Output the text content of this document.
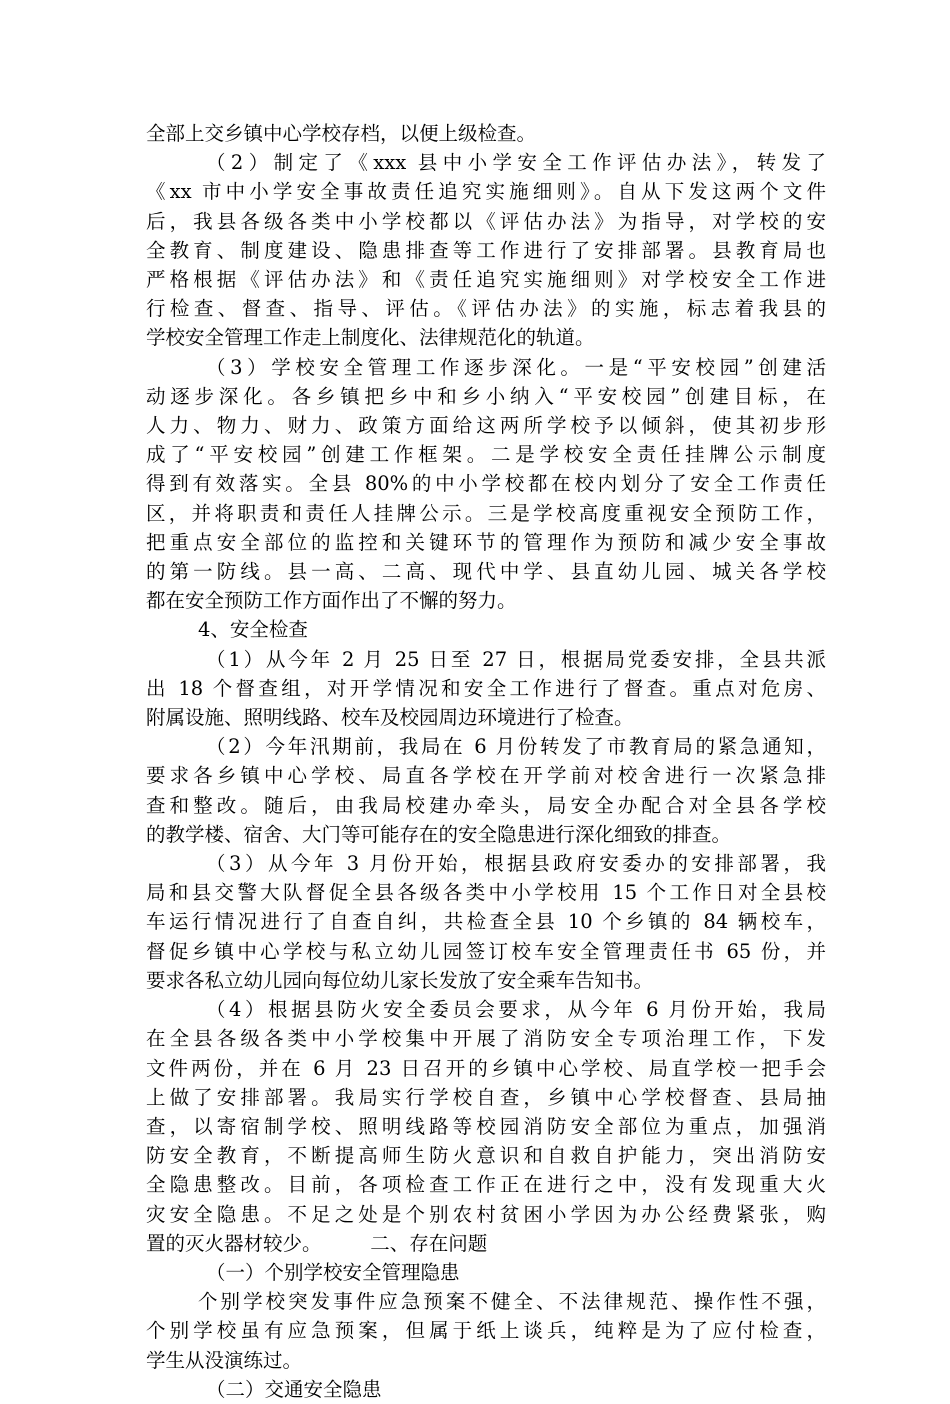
全部上交乡镇中心学校存档，以便上级检查。

（2）制定了《xxx 县中小学安全工作评估办法》，转发了
《xx 市中小学安全事故责任追究实施细则》。自从下发这两个文件
后，我县各级各类中小学校都以《评估办法》为指导，对学校的安
全教育、制度建设、隐患排查等工作进行了安排部署。县教育局也
严格根据《评估办法》和《责任追究实施细则》对学校安全工作进
行检查、督查、指导、评估。《评估办法》的实施，标志着我县的
学校安全管理工作走上制度化、法律规范化的轨道。

（3）学校安全管理工作逐步深化。一是“平安校园”创建活
动逐步深化。各乡镇把乡中和乡小纳入“平安校园”创建目标，在
人力、物力、财力、政策方面给这两所学校予以倾斜，使其初步形
成了“平安校园”创建工作框架。二是学校安全责任挂牌公示制度
得到有效落实。全县 80%的中小学校都在校内划分了安全工作责任
区，并将职责和责任人挂牌公示。三是学校高度重视安全预防工作，
把重点安全部位的监控和关键环节的管理作为预防和减少安全事故
的第一防线。县一高、二高、现代中学、县直幼儿园、城关各学校
都在安全预防工作方面作出了不懈的努力。

4、安全检查

（1）从今年 2 月 25 日至 27 日，根据局党委安排，全县共派
出 18 个督查组，对开学情况和安全工作进行了督查。重点对危房、
附属设施、照明线路、校车及校园周边环境进行了检查。

（2）今年汛期前，我局在 6 月份转发了市教育局的紧急通知，
要求各乡镇中心学校、局直各学校在开学前对校舍进行一次紧急排
查和整改。随后，由我局校建办牵头，局安全办配合对全县各学校
的教学楼、宿舍、大门等可能存在的安全隐患进行深化细致的排查。

（3）从今年 3 月份开始，根据县政府安委办的安排部署，我
局和县交警大队督促全县各级各类中小学校用 15 个工作日对全县校
车运行情况进行了自查自纠，共检查全县 10 个乡镇的 84 辆校车，
督促乡镇中心学校与私立幼儿园签订校车安全管理责任书 65 份，并
要求各私立幼儿园向每位幼儿家长发放了安全乘车告知书。

（4）根据县防火安全委员会要求，从今年 6 月份开始，我局
在全县各级各类中小学校集中开展了消防安全专项治理工作，下发
文件两份，并在 6 月 23 日召开的乡镇中心学校、局直学校一把手会
上做了安排部署。我局实行学校自查，乡镇中心学校督查、县局抽
查，以寄宿制学校、照明线路等校园消防安全部位为重点，加强消
防安全教育，不断提高师生防火意识和自救自护能力，突出消防安
全隐患整改。目前，各项检查工作正在进行之中，没有发现重大火
灾安全隐患。不足之处是个别农村贫困小学因为办公经费紧张，购
置的灭火器材较少。　　　二、存在问题

（一）个别学校安全管理隐患

个别学校突发事件应急预案不健全、不法律规范、操作性不强，
个别学校虽有应急预案，但属于纸上谈兵，纯粹是为了应付检查，
学生从没演练过。

（二）交通安全隐患
